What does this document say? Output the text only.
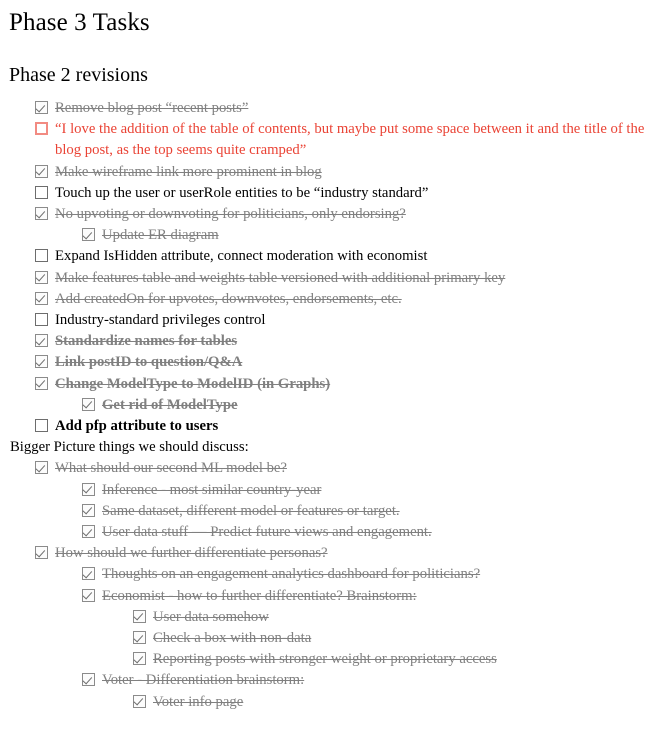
Phase 3 Tasks
Phase 2 revisions
Remove blog post “recent posts”
“I love the addition of the table of contents, but maybe put some space between it and the title of the blog post, as the top seems quite cramped”
Make wireframe link more prominent in blog
Touch up the user or userRole entities to be “industry standard”
No upvoting or downvoting for politicians, only endorsing?
Update ER diagram
Expand IsHidden attribute, connect moderation with economist
Make features table and weights table versioned with additional primary key
Add createdOn for upvotes, downvotes, endorsements, etc.
Industry-standard privileges control
Standardize names for tables
Link postID to question/Q&A
Change ModelType to ModelID (in Graphs)
Get rid of ModelType
Add pfp attribute to users
Bigger Picture things we should discuss:
What should our second ML model be?
Inference - most similar country-year
Same dataset, different model or features or target.
User data stuff — Predict future views and engagement.
How should we further differentiate personas?
Thoughts on an engagement analytics dashboard for politicians?
Economist - how to further differentiate? Brainstorm:
User data somehow
Check a box with non-data
Reporting posts with stronger weight or proprietary access
Voter - Differentiation brainstorm:
Voter info page
